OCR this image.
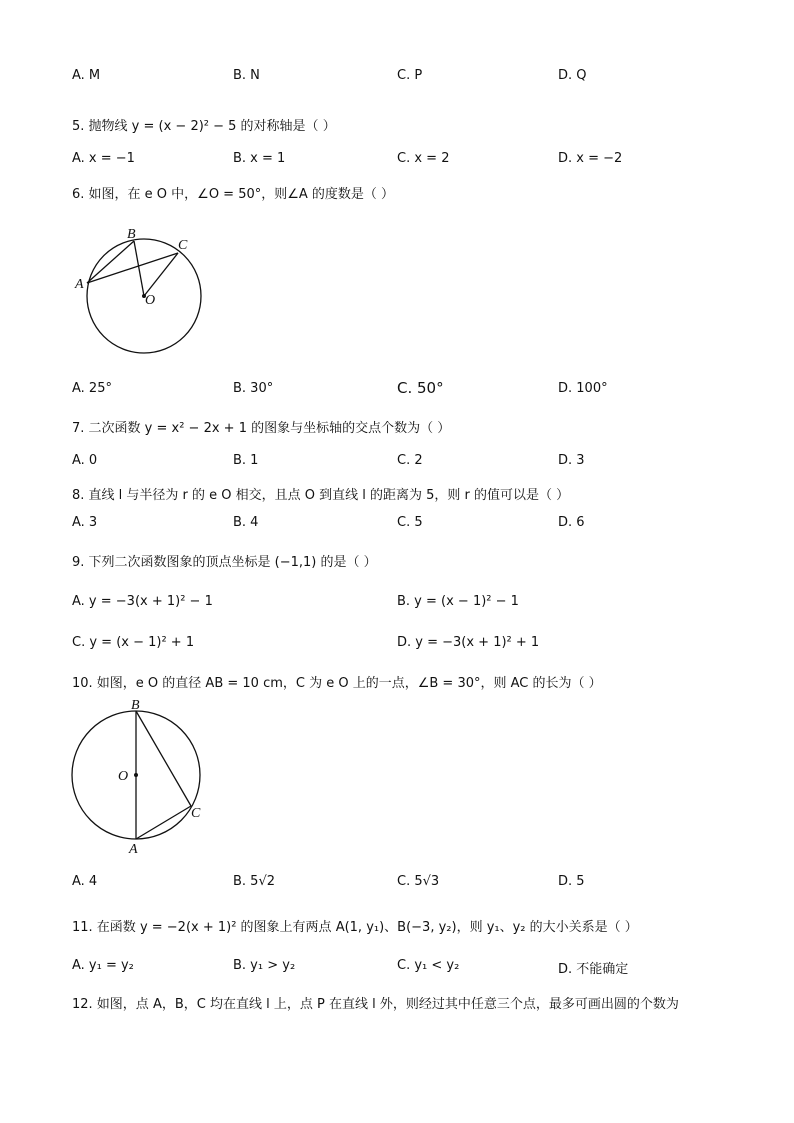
A. M	B. N	C. P	D. Q
5. 抛物线 y = (x − 2)² − 5 的对称轴是（ ）
A. x = −1	B. x = 1	C. x = 2	D. x = −2
6. 如图，在 e O 中，∠O = 50°，则∠A 的度数是（ ）
A
B
C
O
A. 25°	B. 30°	C. 50°	D. 100°
7. 二次函数 y = x² − 2x + 1 的图象与坐标轴的交点个数为（ ）
A. 0	B. 1	C. 2	D. 3
8. 直线 l 与半径为 r 的 e O 相交，且点 O 到直线 l 的距离为 5，则 r 的值可以是（ ）
A. 3	B. 4	C. 5	D. 6
9. 下列二次函数图象的顶点坐标是 (−1,1) 的是（ ）
A. y = −3(x + 1)² − 1	B. y = (x − 1)² − 1
C. y = (x − 1)² + 1	D. y = −3(x + 1)² + 1
10. 如图，e O 的直径 AB = 10 cm，C 为 e O 上的一点，∠B = 30°，则 AC 的长为（ ）
B
O
C
A
A. 4	B. 5√2	C. 5√3	D. 5
11. 在函数 y = −2(x + 1)² 的图象上有两点 A(1, y₁)、B(−3, y₂)，则 y₁、y₂ 的大小关系是（ ）
A. y₁ = y₂	B. y₁ > y₂	C. y₁ < y₂	D. 不能确定
12. 如图，点 A，B，C 均在直线 l 上，点 P 在直线 l 外，则经过其中任意三个点，最多可画出圆的个数为
